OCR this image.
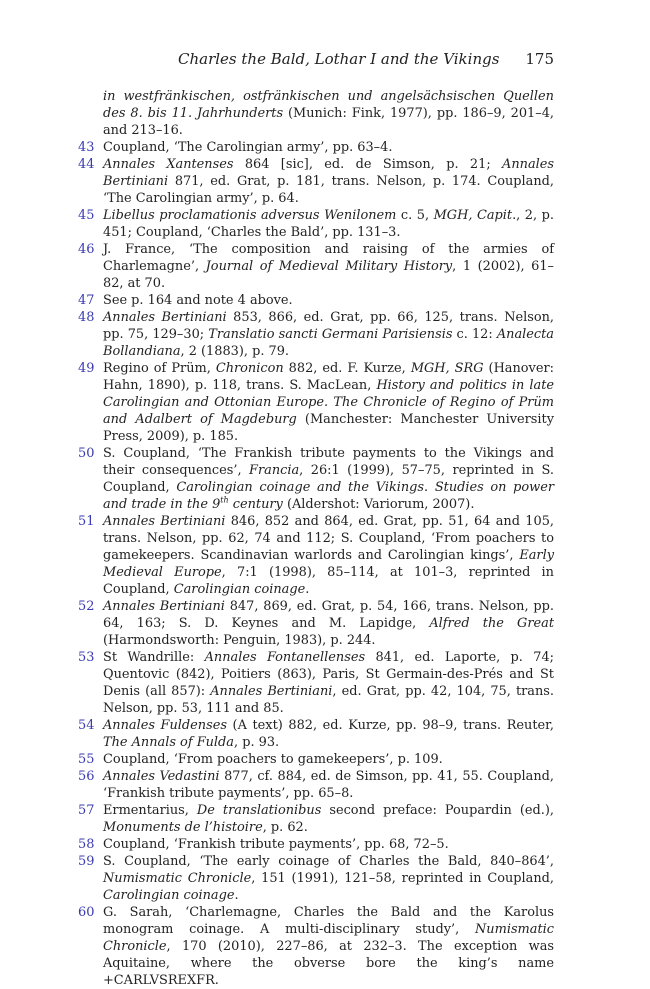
Charles the Bald, Lothar I and the Vikings 175
in westfränkischen, ostfränkischen und angelsächsischen Quellen des 8. bis 11. Jahrhunderts (Munich: Fink, 1977), pp. 186–9, 201–4, and 213–16.
43 Coupland, ‘The Carolingian army’, pp. 63–4.
44 Annales Xantenses 864 [sic], ed. de Simson, p. 21; Annales Bertiniani 871, ed. Grat, p. 181, trans. Nelson, p. 174. Coupland, ‘The Carolingian army’, p. 64.
45 Libellus proclamationis adversus Wenilonem c. 5, MGH, Capit., 2, p. 451; Coupland, ‘Charles the Bald’, pp. 131–3.
46 J. France, ‘The composition and raising of the armies of Charlemagne’, Journal of Medieval Military History, 1 (2002), 61–82, at 70.
47 See p. 164 and note 4 above.
48 Annales Bertiniani 853, 866, ed. Grat, pp. 66, 125, trans. Nelson, pp. 75, 129–30; Translatio sancti Germani Parisiensis c. 12: Analecta Bollandiana, 2 (1883), p. 79.
49 Regino of Prüm, Chronicon 882, ed. F. Kurze, MGH, SRG (Hanover: Hahn, 1890), p. 118, trans. S. MacLean, History and politics in late Carolingian and Ottonian Europe. The Chronicle of Regino of Prüm and Adalbert of Magdeburg (Manchester: Manchester University Press, 2009), p. 185.
50 S. Coupland, ‘The Frankish tribute payments to the Vikings and their consequences’, Francia, 26:1 (1999), 57–75, reprinted in S. Coupland, Carolingian coinage and the Vikings. Studies on power and trade in the 9th century (Aldershot: Variorum, 2007).
51 Annales Bertiniani 846, 852 and 864, ed. Grat, pp. 51, 64 and 105, trans. Nelson, pp. 62, 74 and 112; S. Coupland, ‘From poachers to gamekeepers. Scandinavian warlords and Carolingian kings’, Early Medieval Europe, 7:1 (1998), 85–114, at 101–3, reprinted in Coupland, Carolingian coinage.
52 Annales Bertiniani 847, 869, ed. Grat, p. 54, 166, trans. Nelson, pp. 64, 163; S. D. Keynes and M. Lapidge, Alfred the Great (Harmondsworth: Penguin, 1983), p. 244.
53 St Wandrille: Annales Fontanellenses 841, ed. Laporte, p. 74; Quentovic (842), Poitiers (863), Paris, St Germain-des-Prés and St Denis (all 857): Annales Bertiniani, ed. Grat, pp. 42, 104, 75, trans. Nelson, pp. 53, 111 and 85.
54 Annales Fuldenses (A text) 882, ed. Kurze, pp. 98–9, trans. Reuter, The Annals of Fulda, p. 93.
55 Coupland, ‘From poachers to gamekeepers’, p. 109.
56 Annales Vedastini 877, cf. 884, ed. de Simson, pp. 41, 55. Coupland, ‘Frankish tribute payments’, pp. 65–8.
57 Ermentarius, De translationibus second preface: Poupardin (ed.), Monuments de l’histoire, p. 62.
58 Coupland, ‘Frankish tribute payments’, pp. 68, 72–5.
59 S. Coupland, ‘The early coinage of Charles the Bald, 840–864’, Numismatic Chronicle, 151 (1991), 121–58, reprinted in Coupland, Carolingian coinage.
60 G. Sarah, ‘Charlemagne, Charles the Bald and the Karolus monogram coinage. A multi-disciplinary study’, Numismatic Chronicle, 170 (2010), 227–86, at 232–3. The exception was Aquitaine, where the obverse bore the king’s name +CARLVSREXFR.
